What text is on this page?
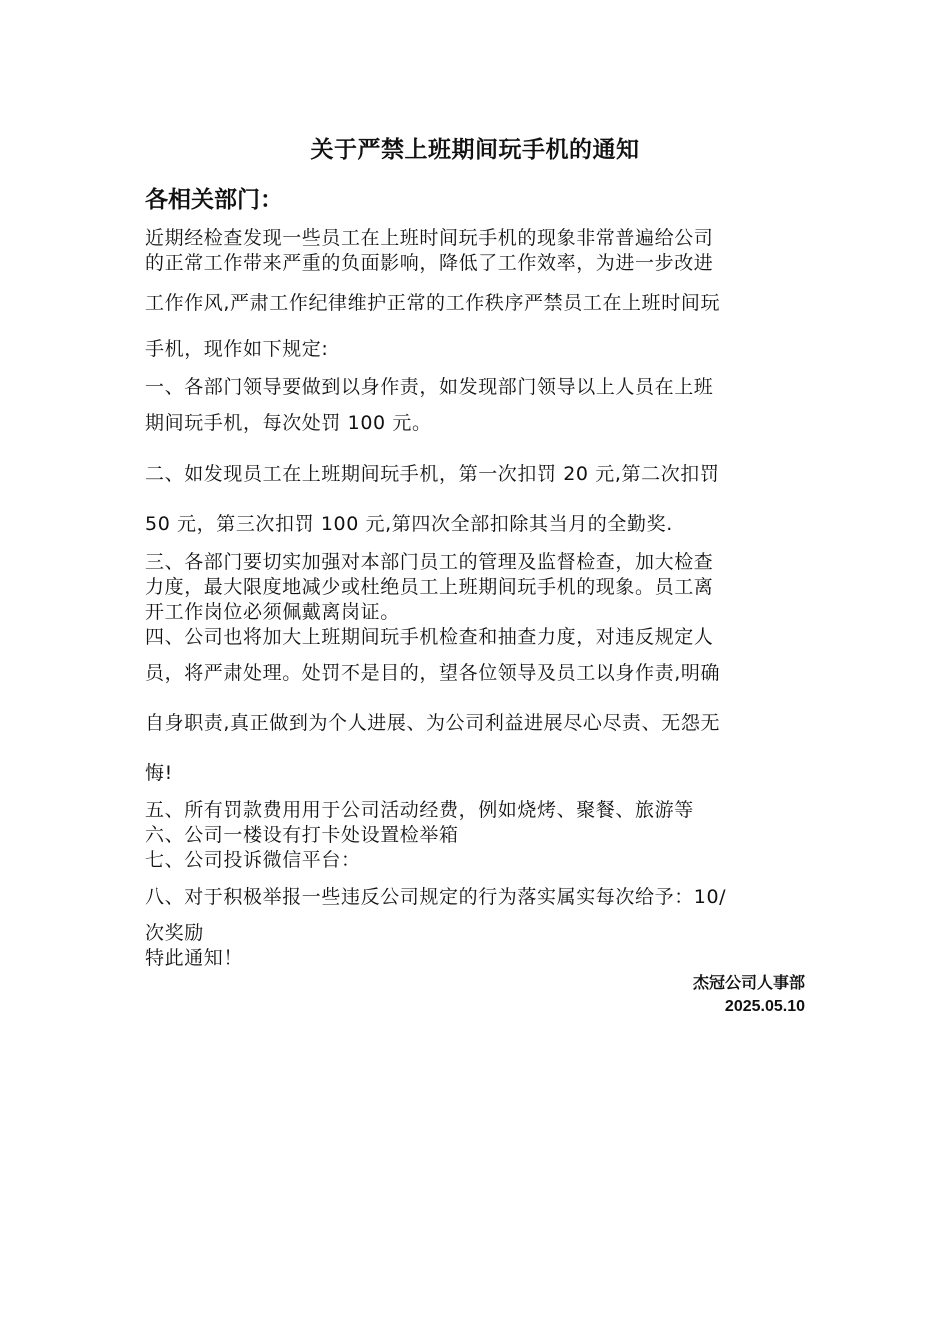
关于严禁上班期间玩手机的通知
各相关部门：
近期经检查发现一些员工在上班时间玩手机的现象非常普遍给公司
的正常工作带来严重的负面影响，降低了工作效率，为进一步改进
工作作风,严肃工作纪律维护正常的工作秩序严禁员工在上班时间玩
手机，现作如下规定:
一、各部门领导要做到以身作责，如发现部门领导以上人员在上班
期间玩手机，每次处罚 100 元。
二、如发现员工在上班期间玩手机，第一次扣罚 20 元,第二次扣罚
50 元，第三次扣罚 100 元,第四次全部扣除其当月的全勤奖.
三、各部门要切实加强对本部门员工的管理及监督检查，加大检查
力度，最大限度地减少或杜绝员工上班期间玩手机的现象。员工离
开工作岗位必须佩戴离岗证。
四、公司也将加大上班期间玩手机检查和抽查力度，对违反规定人
员，将严肃处理。处罚不是目的，望各位领导及员工以身作责,明确
自身职责,真正做到为个人进展、为公司利益进展尽心尽责、无怨无
悔!
五、所有罚款费用用于公司活动经费，例如烧烤、聚餐、旅游等
六、公司一楼设有打卡处设置检举箱
七、公司投诉微信平台：
八、对于积极举报一些违反公司规定的行为落实属实每次给予：10/
次奖励
特此通知！
杰冠公司人事部
2025.05.10
